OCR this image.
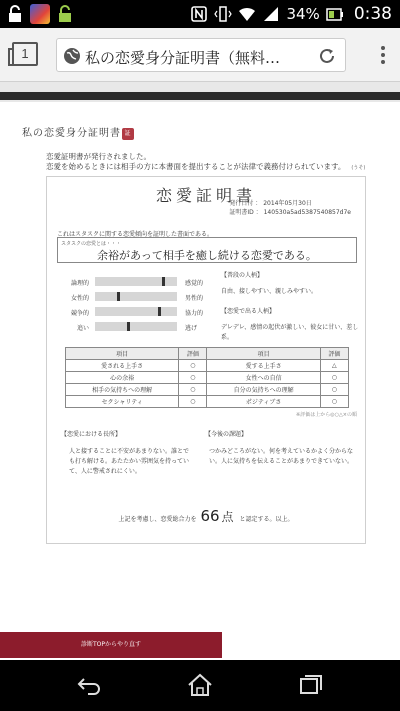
34% 0:38
1	私の恋愛身分証明書（無料…
私の恋愛身分証明書 証明
恋愛証明書が発行されました。
恋愛を始めるときには相手の方に本書面を提出することが法律で義務付けられています。 (うそ)
恋愛証明書
発行日付 ： 2014年05月30日
証明書ID ： 140530a5ad5387540857d7e
これはスタスクに関する恋愛傾向を証明した書面である。
スタスクの恋愛とは・・・
余裕があって相手を癒し続ける恋愛である。
論理的	感覚的
女性的	男性的
競争的	協力的
追い	逃げ
【普段の人柄】
自由、接しやすい、親しみやすい。
【恋愛で出る人柄】
デレデレ、感情の起伏が激しい、彼女に甘い、差し系。
項目	評価	項目	評価
愛される上手さ	○	愛する上手さ	△
心の余裕	○	女性への自信	○
相手の気持ちへの理解	○	自分の気持ちへの理解	○
セクシャリティ	○	ポジティブさ	○
※評価は上から◎○△×の順
【恋愛における長所】
人と接することに不安があまりない。誰とでも打ち解ける。あたたかい雰囲気を持っていて、人に警戒されにくい。
【今後の課題】
つかみどころがない。何を考えているかよく分からない。人に気持ちを伝えることがあまりできていない。
上記を考慮し、恋愛総合力を 66 点 と認定する。以上。
診断TOPからやり直す
